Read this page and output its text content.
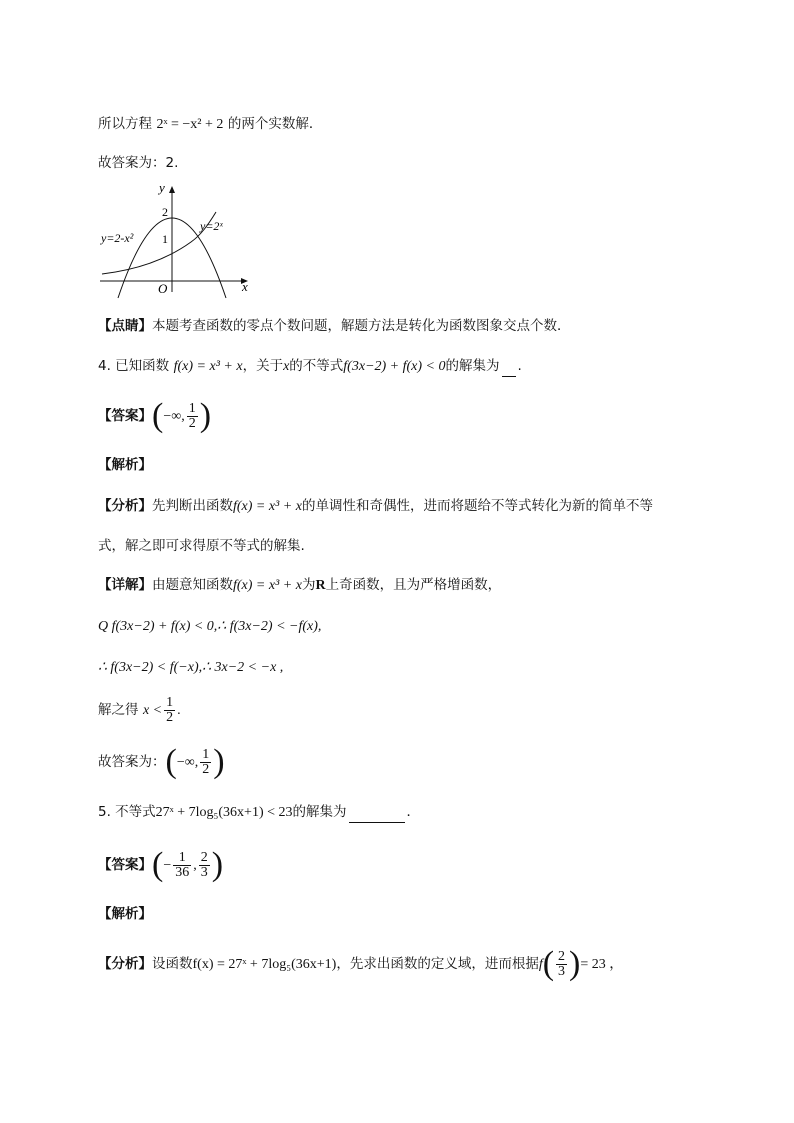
所以方程 2ˣ = −x² + 2 的两个实数解．
故答案为：2.
y
x
O
2
1
y=2-x²
y=2ˣ
【点睛】本题考查函数的零点个数问题，解题方法是转化为函数图象交点个数．
4. 已知函数 f(x) = x³ + x，关于x的不等式f(3x−2) + f(x) < 0的解集为 .
【答案】(−∞, $\frac{1}{2}$ )
【解析】
【分析】先判断出函数f(x) = x³ + x的单调性和奇偶性，进而将题给不等式转化为新的简单不等
式，解之即可求得原不等式的解集.
【详解】由题意知函数f(x) = x³ + x为R上奇函数，且为严格增函数，
Q f(3x−2) + f(x) < 0,∴ f(3x−2) < −f(x),
∴ f(3x−2) < f(−x),∴ 3x−2 < −x ,
解之得 $x < \frac{1}{2}$ .
故答案为：(−∞, $\frac{1}{2}$ )
5. 不等式27ˣ + 7log₅(36x+1) < 23的解集为	．
【答案】(− $\frac{1}{36}$ , $\frac{2}{3}$ )
【解析】
【分析】设函数f(x) = 27ˣ + 7log₅(36x+1)，先求出函数的定义域，进而根据$f( \frac{2}{3}$ )= 23 ，
